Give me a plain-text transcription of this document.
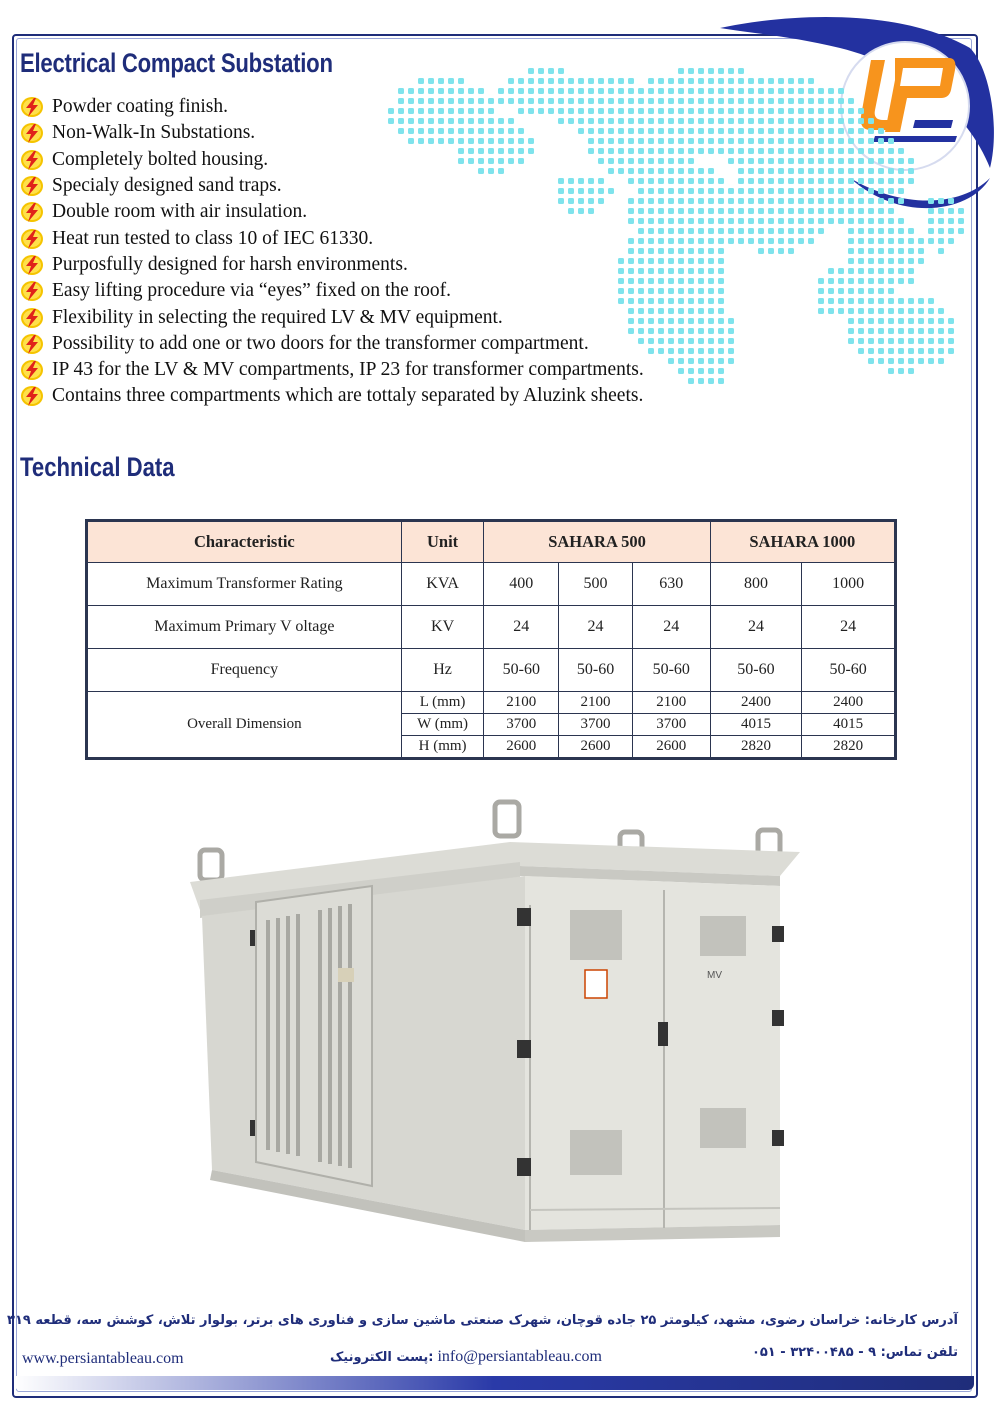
Electrical Compact Substation
Powder coating finish.
Non-Walk-In Substations.
Completely bolted housing.
Specialy designed sand traps.
Double room with air insulation.
Heat run tested to class 10 of IEC 61330.
Purposfully designed for harsh environments.
Easy lifting procedure via “eyes” fixed on the roof.
Flexibility in selecting the required LV & MV equipment.
Possibility to add one or two doors for the transformer compartment.
IP 43 for the LV & MV compartments, IP 23 for transformer compartments.
Contains three compartments which are tottaly separated by Aluzink sheets.
Technical Data
Characteristic	Unit	SAHARA 500			SAHARA 1000	
Maximum Transformer Rating	KVA	400	500	630	800	1000
Maximum Primary V oltage	KV	24	24	24	24	24
Frequency	Hz	50-60	50-60	50-60	50-60	50-60
Overall Dimension	L (mm)	2100	2100	2100	2400	2400
	W (mm)	3700	3700	3700	4015	4015
	H (mm)	2600	2600	2600	2820	2820
MV
آدرس کارخانه: خراسان رضوی، مشهد، کیلومتر ۲۵ جاده قوچان، شهرک صنعتی ماشین سازی و فناوری های برتر، بولوار تلاش، کوشش سه، قطعه ۳۱۹
www.persiantableau.com	پست الکترونیک: info@persiantableau.com	تلفن تماس: ۹ - ۳۲۴۰۰۴۸۵ - ۰۵۱
